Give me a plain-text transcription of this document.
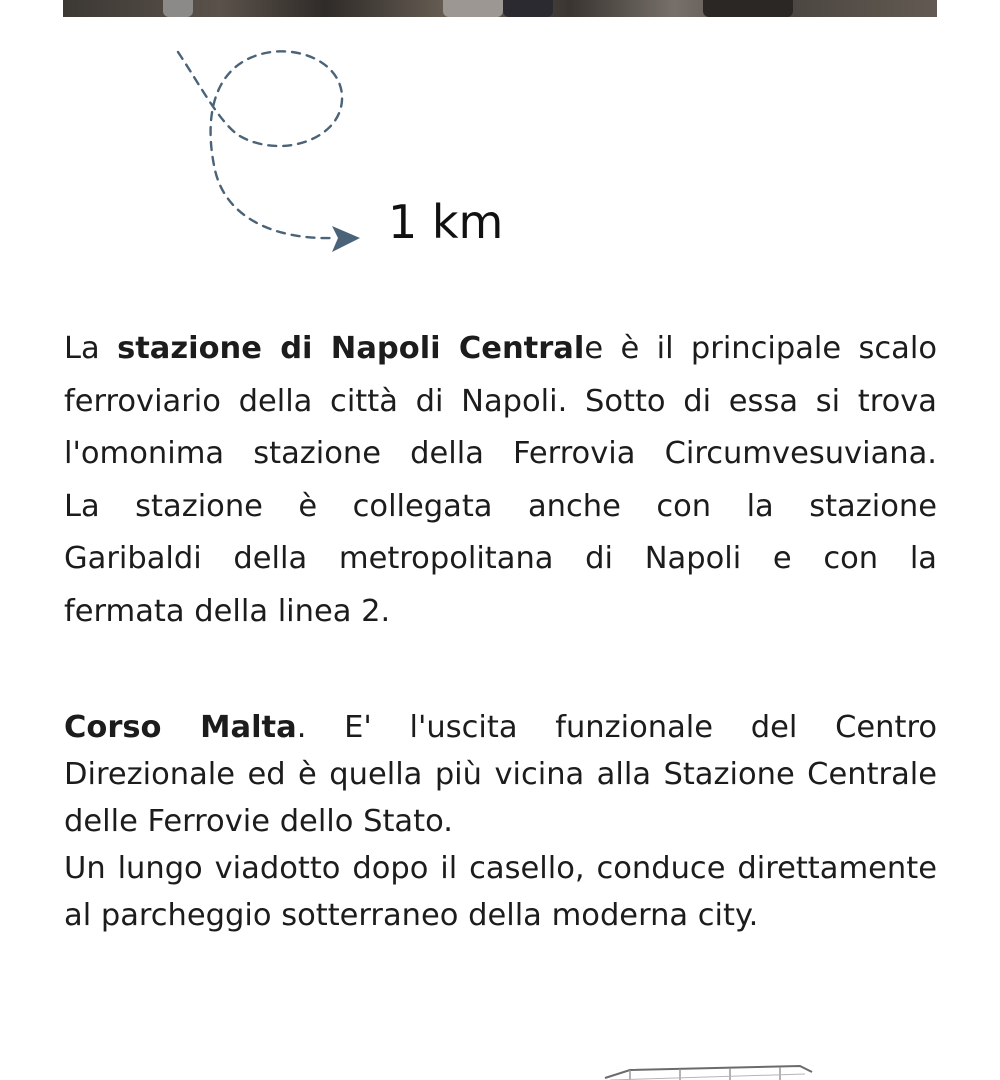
1 km

La stazione di Napoli Centrale è il principale scalo
ferroviario della città di Napoli. Sotto di essa si trova
l'omonima stazione della Ferrovia Circumvesuviana.
La stazione è collegata anche con la stazione
Garibaldi della metropolitana di Napoli e con la
fermata della linea 2.

Corso Malta. E' l'uscita funzionale del Centro
Direzionale ed è quella più vicina alla Stazione Centrale
delle Ferrovie dello Stato.
Un lungo viadotto dopo il casello, conduce direttamente
al parcheggio sotterraneo della moderna city.
